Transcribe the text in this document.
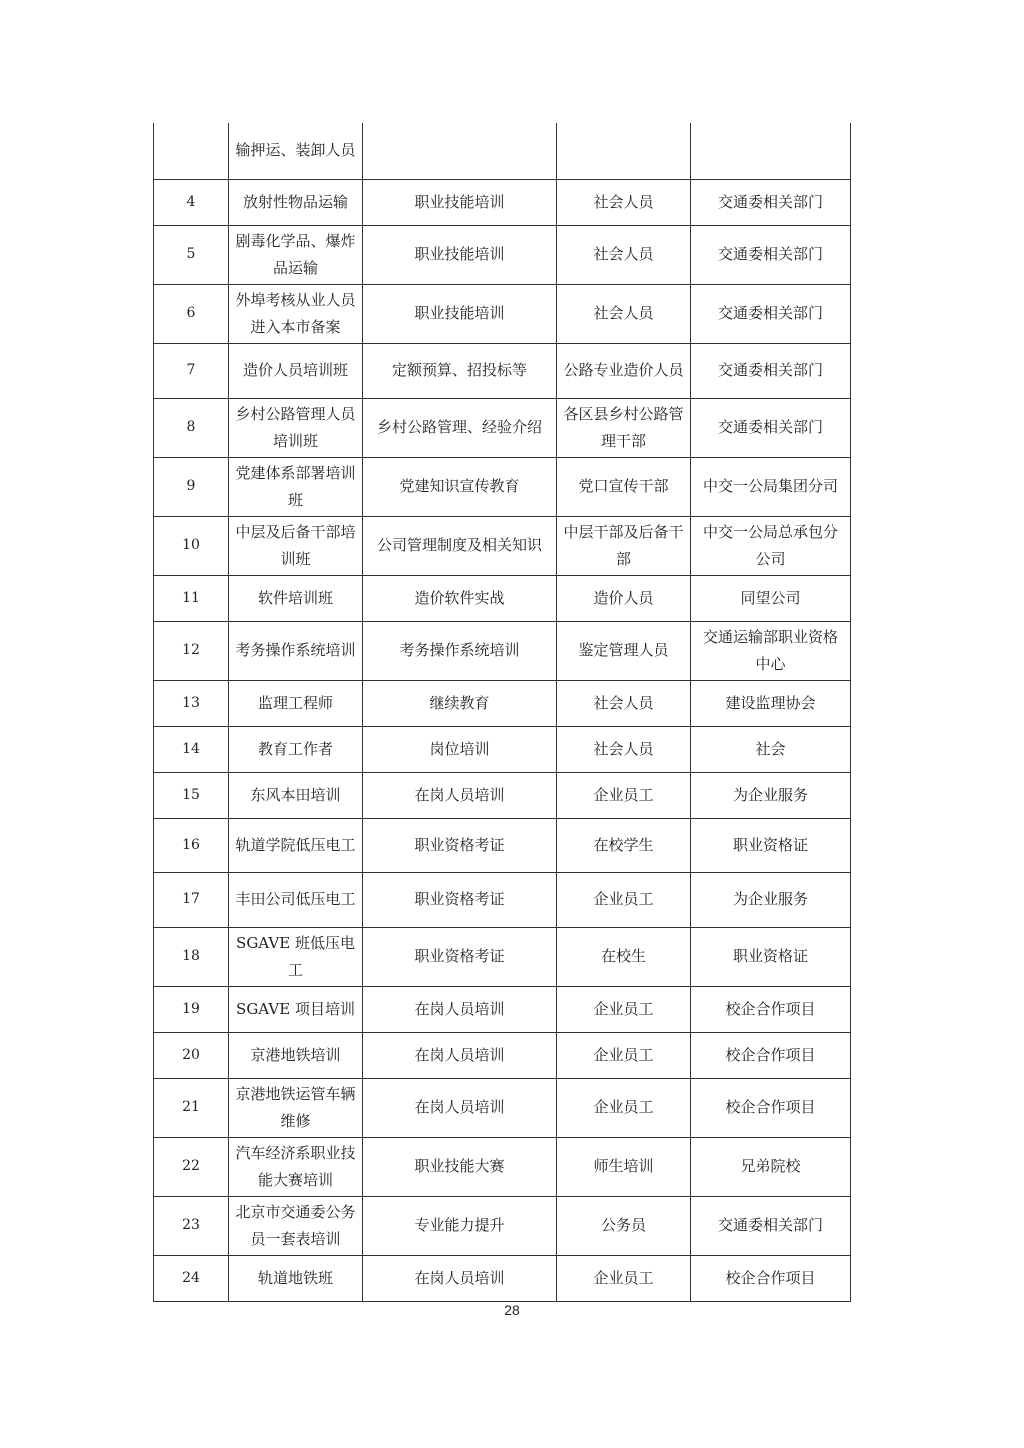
	输押运、装卸人员			
4	放射性物品运输	职业技能培训	社会人员	交通委相关部门
5	剧毒化学品、爆炸品运输	职业技能培训	社会人员	交通委相关部门
6	外埠考核从业人员进入本市备案	职业技能培训	社会人员	交通委相关部门
7	造价人员培训班	定额预算、招投标等	公路专业造价人员	交通委相关部门
8	乡村公路管理人员培训班	乡村公路管理、经验介绍	各区县乡村公路管理干部	交通委相关部门
9	党建体系部署培训班	党建知识宣传教育	党口宣传干部	中交一公局集团分司
10	中层及后备干部培训班	公司管理制度及相关知识	中层干部及后备干部	中交一公局总承包分公司
11	软件培训班	造价软件实战	造价人员	同望公司
12	考务操作系统培训	考务操作系统培训	鉴定管理人员	交通运输部职业资格中心
13	监理工程师	继续教育	社会人员	建设监理协会
14	教育工作者	岗位培训	社会人员	社会
15	东风本田培训	在岗人员培训	企业员工	为企业服务
16	轨道学院低压电工	职业资格考证	在校学生	职业资格证
17	丰田公司低压电工	职业资格考证	企业员工	为企业服务
18	SGAVE 班低压电工	职业资格考证	在校生	职业资格证
19	SGAVE 项目培训	在岗人员培训	企业员工	校企合作项目
20	京港地铁培训	在岗人员培训	企业员工	校企合作项目
21	京港地铁运管车辆维修	在岗人员培训	企业员工	校企合作项目
22	汽车经济系职业技能大赛培训	职业技能大赛	师生培训	兄弟院校
23	北京市交通委公务员一套表培训	专业能力提升	公务员	交通委相关部门
24	轨道地铁班	在岗人员培训	企业员工	校企合作项目
28
